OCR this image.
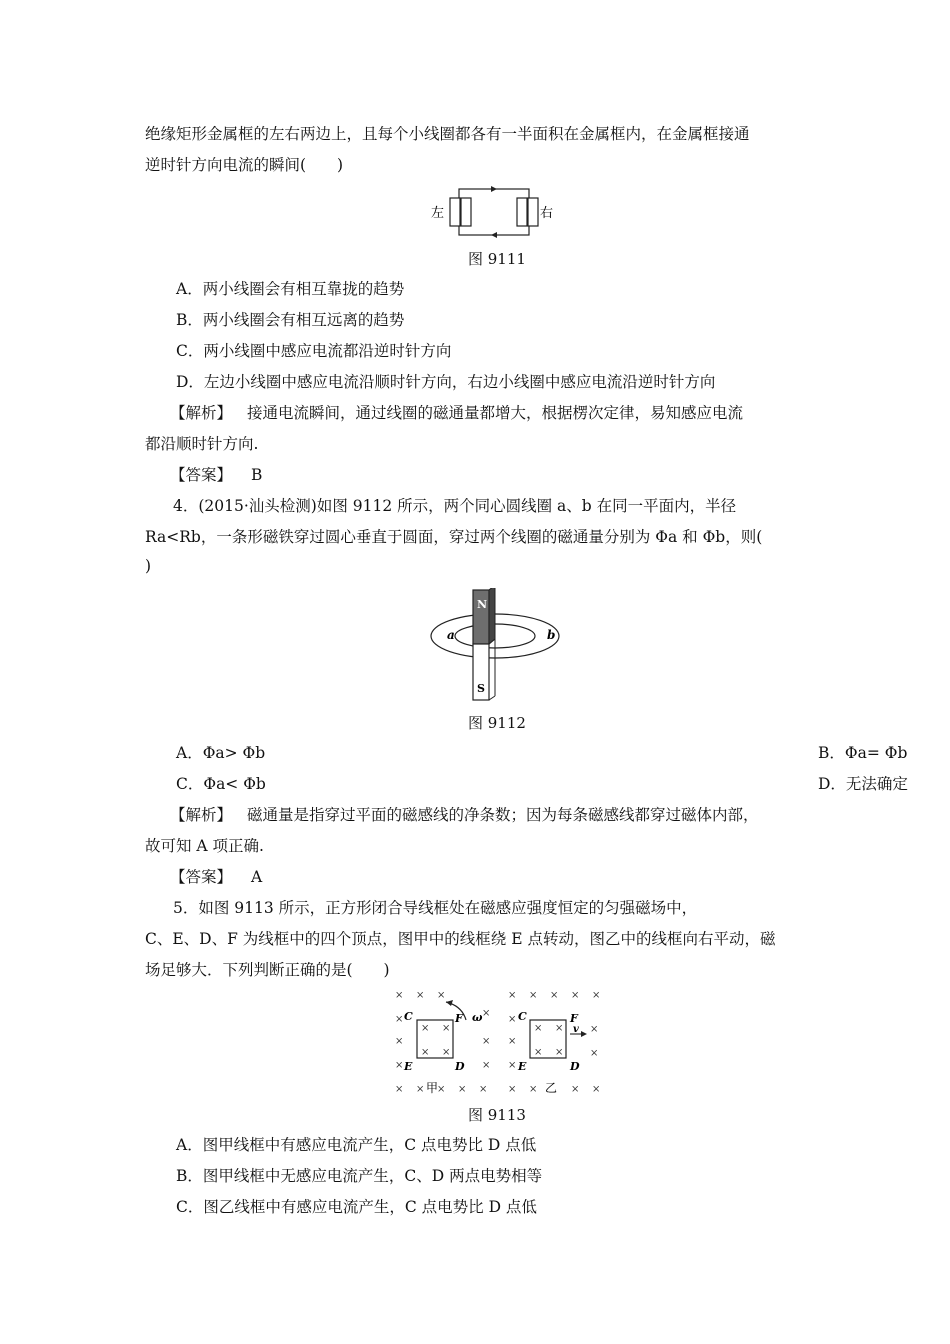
绝缘矩形金属框的左右两边上，且每个小线圈都各有一半面积在金属框内，在金属框接通
逆时针方向电流的瞬间(　　)
左	右
图 9111
A．两小线圈会有相互靠拢的趋势
B．两小线圈会有相互远离的趋势
C．两小线圈中感应电流都沿逆时针方向
D．左边小线圈中感应电流沿顺时针方向，右边小线圈中感应电流沿逆时针方向
【解析】 接通电流瞬间，通过线圈的磁通量都增大，根据楞次定律，易知感应电流
都沿顺时针方向.
【答案】 B
4．(2015·汕头检测)如图 9112 所示，两个同心圆线圈 a、b 在同一平面内，半径
Ra<Rb，一条形磁铁穿过圆心垂直于圆面，穿过两个线圈的磁通量分别为 Φa 和 Φb，则(
)
N
S
a	b
图 9112
A．Φa> Φb	B．Φa= Φb
C．Φa< Φb	D．无法确定
【解析】 磁通量是指穿过平面的磁感线的净条数；因为每条磁感线都穿过磁体内部，
故可知 A 项正确.
【答案】 A
5．如图 9113 所示，正方形闭合导线框处在磁感应强度恒定的匀强磁场中，
C、E、D、F 为线框中的四个顶点，图甲中的线框绕 E 点转动，图乙中的线框向右平动，磁
场足够大．下列判断正确的是(　　)
× × ×
×
×
×	×
×	×
× × × × ×
× ×
× ×
C	F
E	D
ω
甲
× × × × ×
×
×
×
×
×
× ×	× ×
× ×
× ×
C	F
v
E	D
乙
图 9113
A．图甲线框中有感应电流产生，C 点电势比 D 点低
B．图甲线框中无感应电流产生，C、D 两点电势相等
C．图乙线框中有感应电流产生，C 点电势比 D 点低
